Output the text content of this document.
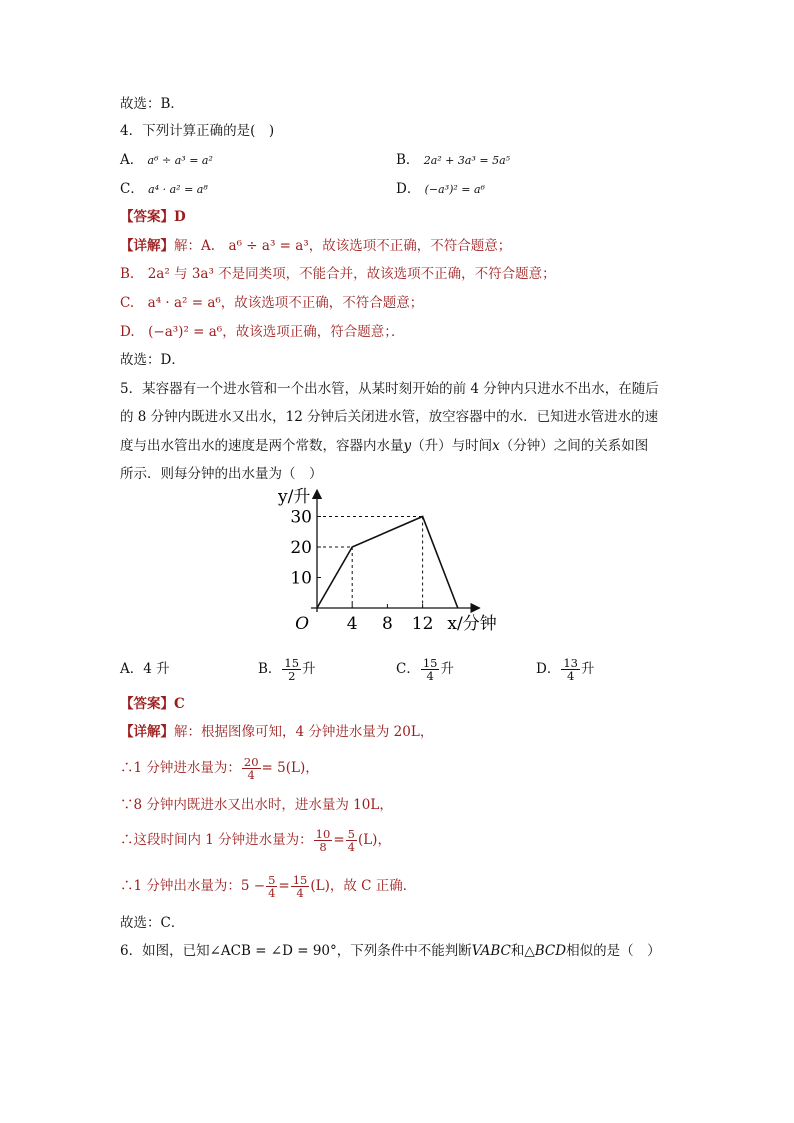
故选：B．
4．下列计算正确的是(　)
A． a⁶ ÷ a³ = a²	B． 2a² + 3a³ = 5a⁵
C． a⁴ · a² = a⁸	D． (−a³)² = a⁶
【答案】D
【详解】解：A.　a⁶ ÷ a³ = a³，故该选项不正确，不符合题意；
B.　2a² 与 3a³ 不是同类项，不能合并，故该选项不正确，不符合题意；
C.　a⁴ · a² = a⁶，故该选项不正确，不符合题意；
D.　(−a³)² = a⁶，故该选项正确，符合题意；．
故选：D．
5．某容器有一个进水管和一个出水管，从某时刻开始的前 4 分钟内只进水不出水，在随后
的 8 分钟内既进水又出水，12 分钟后关闭进水管，放空容器中的水．已知进水管进水的速
度与出水管出水的速度是两个常数，容器内水量y（升）与时间x（分钟）之间的关系如图
所示．则每分钟的出水量为（　）
4 8 12
10
20
30
O
y/升
x/分钟
A．4 升	B． $\frac{15}{2}$ 升	C． $\frac{15}{4}$ 升	D． $\frac{13}{4}$ 升
【答案】C
【详解】解：根据图像可知，4 分钟进水量为 20L，
∴1 分钟进水量为： $\frac{20}{4} = 5(L)$，
∵8 分钟内既进水又出水时，进水量为 10L，
∴这段时间内 1 分钟进水量为： $\frac{10}{8} = \frac{5}{4} (L)$，
∴1 分钟出水量为：$5 - \frac{5}{4} = \frac{15}{4} (L)$，故 C 正确．
故选：C．
6．如图，已知∠ACB = ∠D = 90°，下列条件中不能判断VABC和△BCD相似的是（　）
